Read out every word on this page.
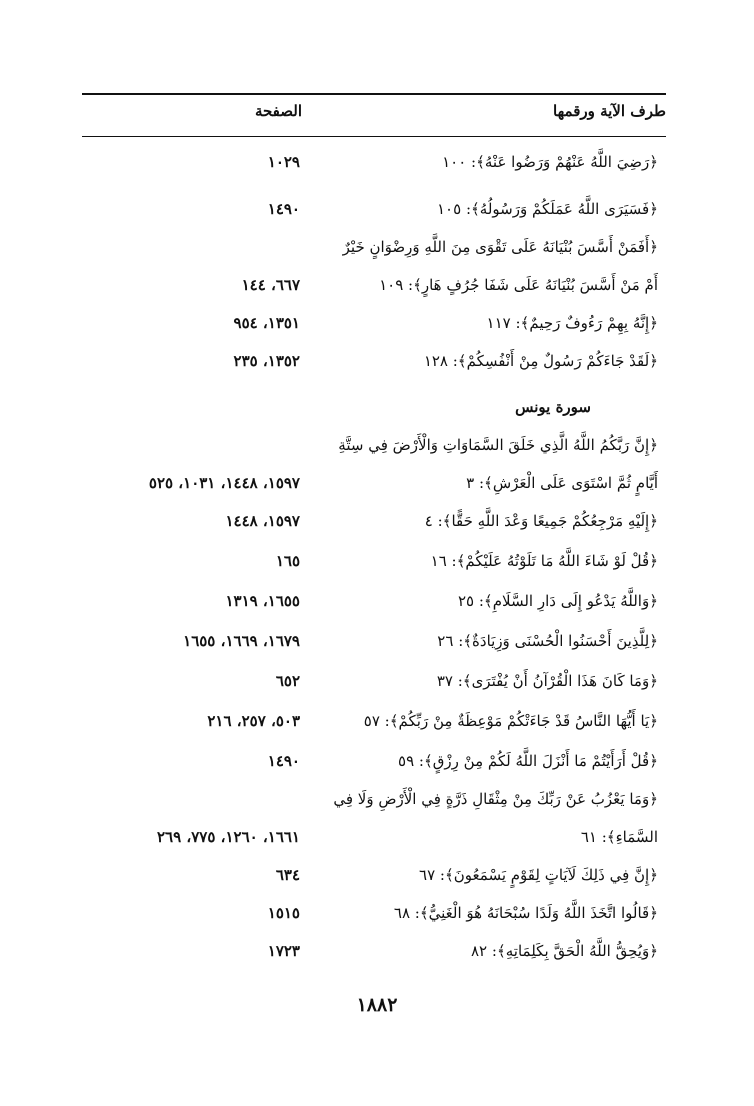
طرف الآية ورقمها
الصفحة
﴿رَضِيَ اللَّهُ عَنْهُمْ وَرَضُوا عَنْهُ﴾: ١٠٠
١٠٢٩
﴿فَسَيَرَى اللَّهُ عَمَلَكُمْ وَرَسُولُهُ﴾: ١٠٥
١٤٩٠
﴿أَفَمَنْ أَسَّسَ بُنْيَانَهُ عَلَى تَقْوَى مِنَ اللَّهِ وَرِضْوَانٍ خَيْرٌ أَمْ مَنْ أَسَّسَ بُنْيَانَهُ عَلَى شَفَا جُرُفٍ هَارٍ﴾: ١٠٩
٦٦٧، ١٤٤
﴿إِنَّهُ بِهِمْ رَءُوفٌ رَحِيمٌ﴾: ١١٧
١٣٥١، ٩٥٤
﴿لَقَدْ جَاءَكُمْ رَسُولٌ مِنْ أَنْفُسِكُمْ﴾: ١٢٨
١٣٥٢، ٢٣٥
سورة يونس
﴿إِنَّ رَبَّكُمُ اللَّهُ الَّذِي خَلَقَ السَّمَاوَاتِ وَالْأَرْضَ فِي سِتَّةِ أَيَّامٍ ثُمَّ اسْتَوَى عَلَى الْعَرْشِ﴾: ٣
١٥٩٧، ١٤٤٨، ١٠٣١، ٥٢٥
﴿إِلَيْهِ مَرْجِعُكُمْ جَمِيعًا وَعْدَ اللَّهِ حَقًّا﴾: ٤
١٥٩٧، ١٤٤٨
﴿قُلْ لَوْ شَاءَ اللَّهُ مَا تَلَوْتُهُ عَلَيْكُمْ﴾: ١٦
١٦٥
﴿وَاللَّهُ يَدْعُو إِلَى دَارِ السَّلَامِ﴾: ٢٥
١٦٥٥، ١٣١٩
﴿لِلَّذِينَ أَحْسَنُوا الْحُسْنَى وَزِيَادَةٌ﴾: ٢٦
١٦٧٩، ١٦٦٩، ١٦٥٥
﴿وَمَا كَانَ هَذَا الْقُرْآنُ أَنْ يُفْتَرَى﴾: ٣٧
٦٥٢
﴿يَا أَيُّهَا النَّاسُ قَدْ جَاءَتْكُمْ مَوْعِظَةٌ مِنْ رَبِّكُمْ﴾: ٥٧
٥٠٣، ٢٥٧، ٢١٦
﴿قُلْ أَرَأَيْتُمْ مَا أَنْزَلَ اللَّهُ لَكُمْ مِنْ رِزْقٍ﴾: ٥٩
١٤٩٠
﴿وَمَا يَعْزُبُ عَنْ رَبِّكَ مِنْ مِثْقَالِ ذَرَّةٍ فِي الْأَرْضِ وَلَا فِي السَّمَاءِ﴾: ٦١
١٦٦١، ١٢٦٠، ٧٧٥، ٢٦٩
﴿إِنَّ فِي ذَلِكَ لَآيَاتٍ لِقَوْمٍ يَسْمَعُونَ﴾: ٦٧
٦٣٤
﴿قَالُوا اتَّخَذَ اللَّهُ وَلَدًا سُبْحَانَهُ هُوَ الْغَنِيُّ﴾: ٦٨
١٥١٥
﴿وَيُحِقُّ اللَّهُ الْحَقَّ بِكَلِمَاتِهِ﴾: ٨٢
١٧٢٣
١٨٨٢
